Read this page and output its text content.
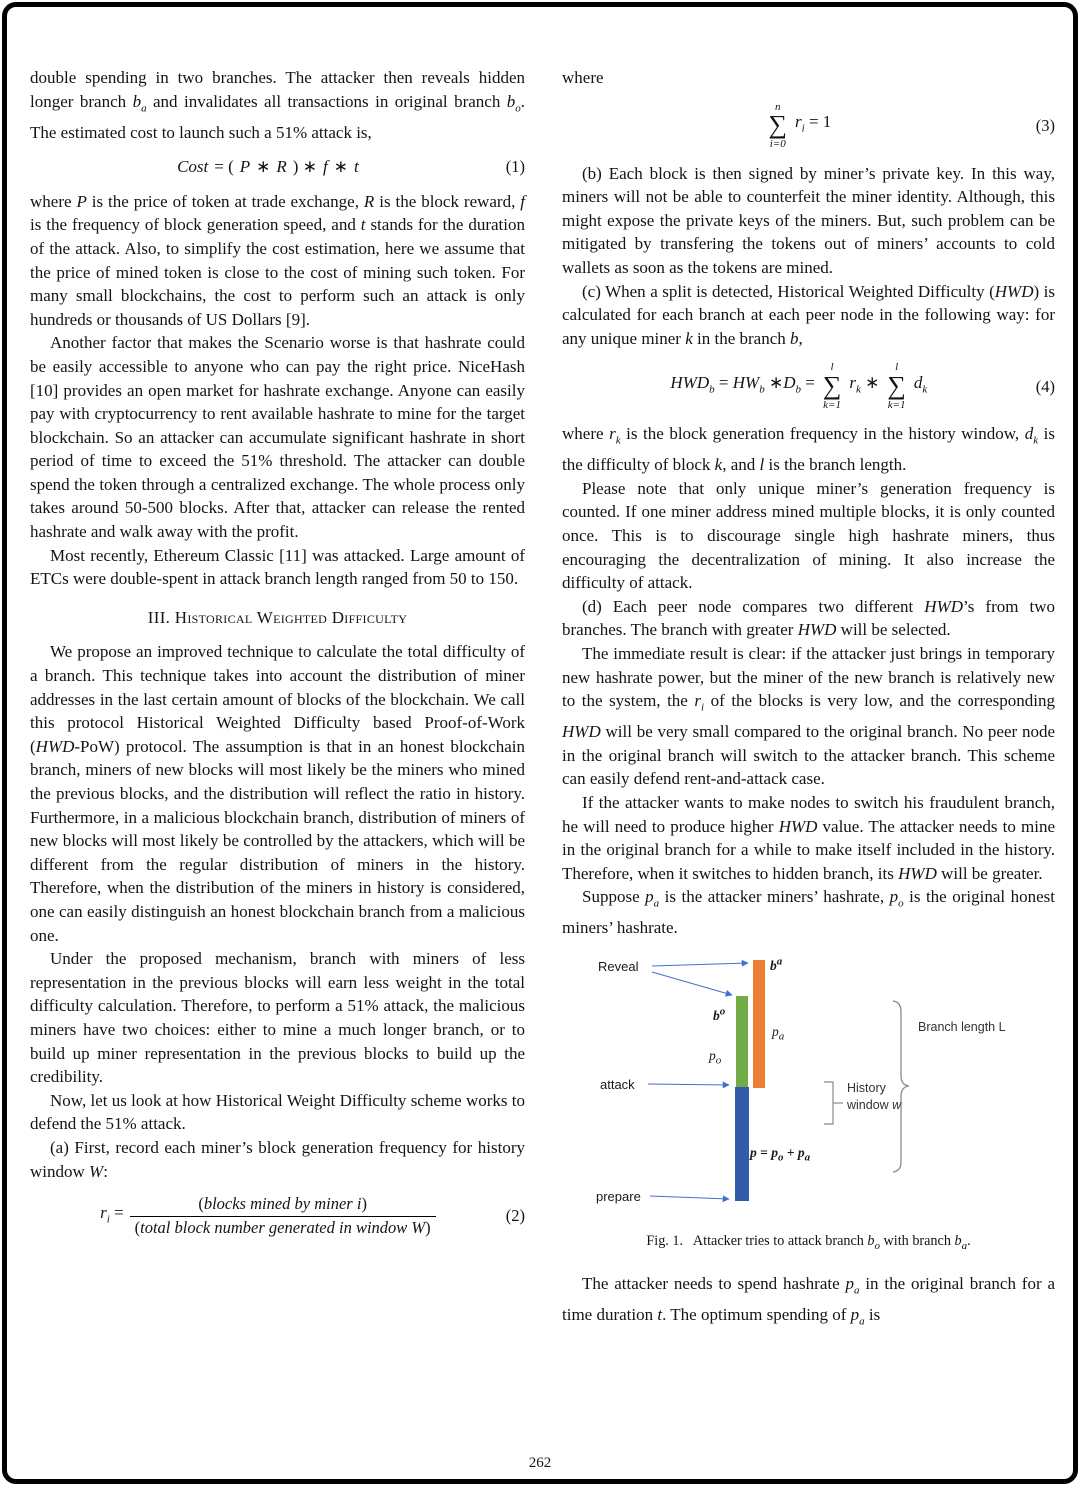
double spending in two branches. The attacker then reveals hidden longer branch $b_a$ and invalidates all transactions in original branch $b_o$. The estimated cost to launch such a 51% attack is,

Cost = ( P ∗ R ) ∗ f ∗ t	(1)

where P is the price of token at trade exchange, R is the block reward, f is the frequency of block generation speed, and t stands for the duration of the attack. Also, to simplify the cost estimation, here we assume that the price of mined token is close to the cost of mining such token. For many small blockchains, the cost to perform such an attack is only hundreds or thousands of US Dollars [9].

Another factor that makes the Scenario worse is that hashrate could be easily accessible to anyone who can pay the right price. NiceHash [10] provides an open market for hashrate exchange. Anyone can easily pay with cryptocurrency to rent available hashrate to mine for the target blockchain. So an attacker can accumulate significant hashrate in short period of time to exceed the 51% threshold. The attacker can double spend the token through a centralized exchange. The whole process only takes around 50-500 blocks. After that, attacker can release the rented hashrate and walk away with the profit.

Most recently, Ethereum Classic [11] was attacked. Large amount of ETCs were double-spent in attack branch length ranged from 50 to 150.

III. Historical Weighted Difficulty

We propose an improved technique to calculate the total difficulty of a branch. This technique takes into account the distribution of miner addresses in the last certain amount of blocks of the blockchain. We call this protocol Historical Weighted Difficulty based Proof-of-Work (HWD-PoW) protocol. The assumption is that in an honest blockchain branch, miners of new blocks will most likely be the miners who mined the previous blocks, and the distribution will reflect the ratio in history. Furthermore, in a malicious blockchain branch, distribution of miners of new blocks will most likely be controlled by the attackers, which will be different from the regular distribution of miners in the history. Therefore, when the distribution of the miners in history is considered, one can easily distinguish an honest blockchain branch from a malicious one.

Under the proposed mechanism, branch with miners of less representation in the previous blocks will earn less weight in the total difficulty calculation. Therefore, to perform a 51% attack, the malicious miners have two choices: either to mine a much longer branch, or to build up miner representation in the previous blocks to build up the credibility.

Now, let us look at how Historical Weight Difficulty scheme works to defend the 51% attack.

(a) First, record each miner’s block generation frequency for history window W:

$r_i = \frac{\text{(blocks mined by miner i)}}{\text{(total block number generated in window W)}}$	(2)

where

n
∑
i=0
$r_i = 1$	(3)

(b) Each block is then signed by miner’s private key. In this way, miners will not be able to counterfeit the miner identity. Although, this might expose the private keys of the miners. But, such problem can be mitigated by transfering the tokens out of miners’ accounts to cold wallets as soon as the tokens are mined.

(c) When a split is detected, Historical Weighted Difficulty (HWD) is calculated for each branch at each peer node in the following way: for any unique miner k in the branch b,

$HWD_b = HW_b$ $∗D_b$ =
l
∑
k=1
$r_k$ ∗
l
∑
k=1
$d_k$	(4)

where $r_k$ is the block generation frequency in the history window, $d_k$ is the difficulty of block k, and l is the branch length.

Please note that only unique miner’s generation frequency is counted. If one miner address mined multiple blocks, it is only counted once. This is to discourage single high hashrate miners, thus encouraging the decentralization of mining. It also increase the difficulty of attack.

(d) Each peer node compares two different HWD’s from two branches. The branch with greater HWD will be selected.

The immediate result is clear: if the attacker just brings in temporary new hashrate power, but the miner of the new branch is relatively new to the system, the $r_i$ of the blocks is very low, and the corresponding HWD will be very small compared to the original branch. No peer node in the original branch will switch to the attacker branch. This scheme can easily defend rent-and-attack case.

If the attacker wants to make nodes to switch his fraudulent branch, he will need to produce higher HWD value. The attacker needs to mine in the original branch for a while to make itself included in the history. Therefore, when it switches to hidden branch, its HWD will be greater.

Suppose $p_a$ is the attacker miners’ hashrate, $p_o$ is the original honest miners’ hashrate.

Reveal
attack
prepare
$b^a$
$b^o$
$p_a$
$p_o$
$p = p_o + p_a$
Branch length L
History
window w
Fig. 1.   Attacker tries to attack branch $b_o$ with branch $b_a$.

The attacker needs to spend hashrate $p_a$ in the original branch for a time duration t. The optimum spending of $p_a$ is

262
